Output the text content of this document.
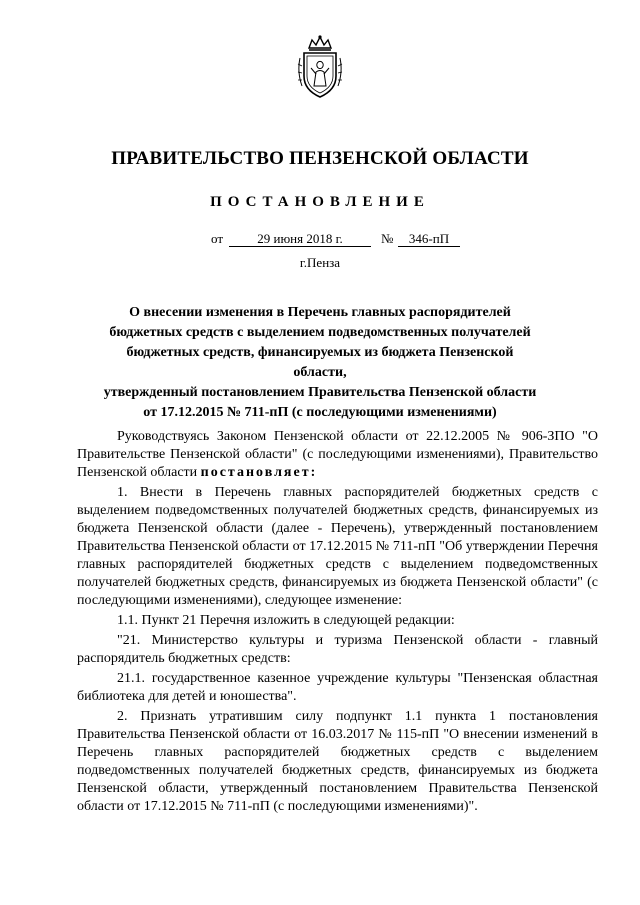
ПРАВИТЕЛЬСТВО ПЕНЗЕНСКОЙ ОБЛАСТИ
ПОСТАНОВЛЕНИЕ
от	29 июня 2018 г.	№	346-пП
г.Пенза
О внесении изменения в Перечень главных распорядителей
бюджетных средств с выделением подведомственных получателей
бюджетных средств, финансируемых из бюджета Пензенской области,
утвержденный постановлением Правительства Пензенской области
от 17.12.2015 № 711-пП (с последующими изменениями)

Руководствуясь Законом Пензенской области от 22.12.2005 № 906-ЗПО "О Правительстве Пензенской области" (с последующими изменениями), Правительство Пензенской области постановляет:

1. Внести в Перечень главных распорядителей бюджетных средств с выделением подведомственных получателей бюджетных средств, финансируемых из бюджета Пензенской области (далее - Перечень), утвержденный постановлением Правительства Пензенской области от 17.12.2015 № 711-пП "Об утверждении Перечня главных распорядителей бюджетных средств с выделением подведомственных получателей бюджетных средств, финансируемых из бюджета Пензенской области" (с последующими изменениями), следующее изменение:

1.1. Пункт 21 Перечня изложить в следующей редакции:

"21. Министерство культуры и туризма Пензенской области - главный распорядитель бюджетных средств:

21.1. государственное казенное учреждение культуры "Пензенская областная библиотека для детей и юношества".

2. Признать утратившим силу подпункт 1.1 пункта 1 постановления Правительства Пензенской области от 16.03.2017 № 115-пП "О внесении изменений в Перечень главных распорядителей бюджетных средств с выделением подведомственных получателей бюджетных средств, финансируемых из бюджета Пензенской области, утвержденный постановлением Правительства Пензенской области от 17.12.2015 № 711-пП (с последующими изменениями)".
